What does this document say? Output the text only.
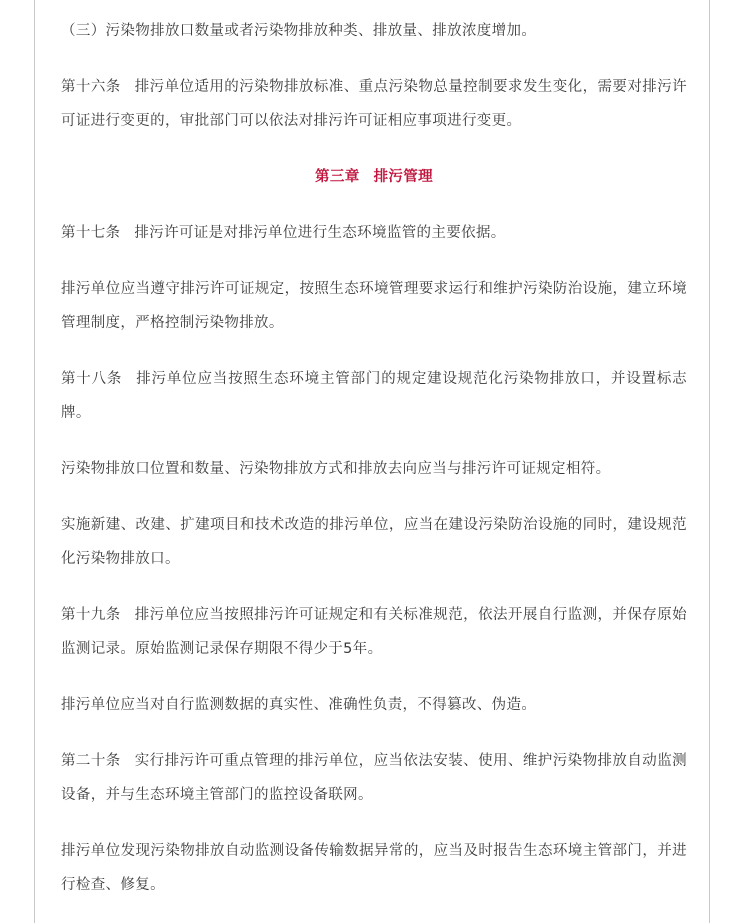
（三）污染物排放口数量或者污染物排放种类、排放量、排放浓度增加。

第十六条 排污单位适用的污染物排放标准、重点污染物总量控制要求发生变化，需要对排污许可证进行变更的，审批部门可以依法对排污许可证相应事项进行变更。

第三章 排污管理

第十七条 排污许可证是对排污单位进行生态环境监管的主要依据。

排污单位应当遵守排污许可证规定，按照生态环境管理要求运行和维护污染防治设施，建立环境管理制度，严格控制污染物排放。

第十八条 排污单位应当按照生态环境主管部门的规定建设规范化污染物排放口，并设置标志牌。

污染物排放口位置和数量、污染物排放方式和排放去向应当与排污许可证规定相符。

实施新建、改建、扩建项目和技术改造的排污单位，应当在建设污染防治设施的同时，建设规范化污染物排放口。

第十九条 排污单位应当按照排污许可证规定和有关标准规范，依法开展自行监测，并保存原始监测记录。原始监测记录保存期限不得少于5年。

排污单位应当对自行监测数据的真实性、准确性负责，不得篡改、伪造。

第二十条 实行排污许可重点管理的排污单位，应当依法安装、使用、维护污染物排放自动监测设备，并与生态环境主管部门的监控设备联网。

排污单位发现污染物排放自动监测设备传输数据异常的，应当及时报告生态环境主管部门，并进行检查、修复。
